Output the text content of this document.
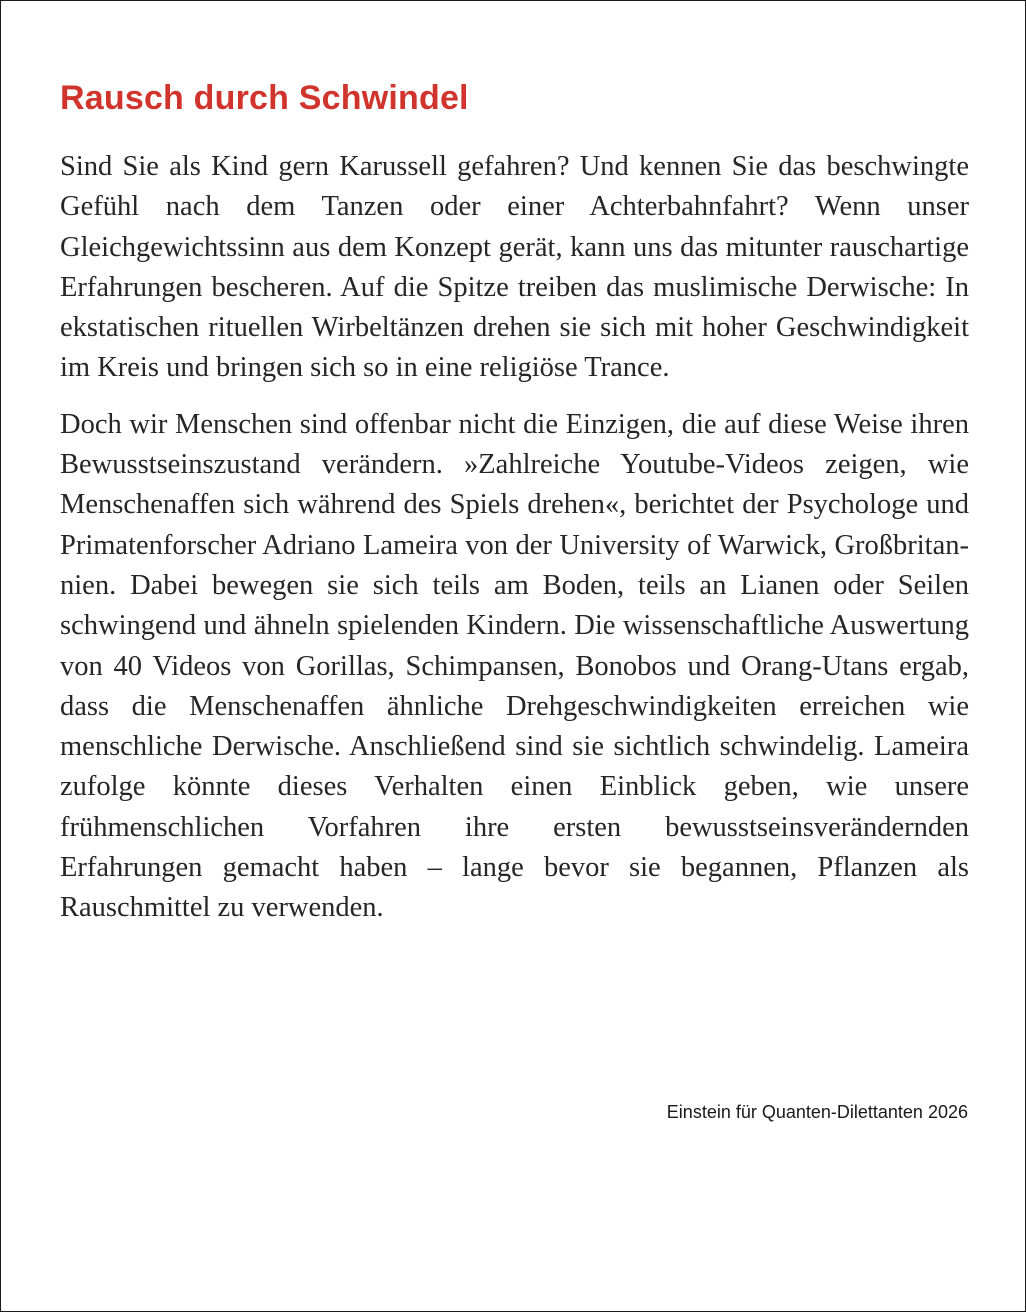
Rausch durch Schwindel

Sind Sie als Kind gern Karussell gefahren? Und kennen Sie das beschwingte Gefühl nach dem Tanzen oder einer Achterbahnfahrt? Wenn unser Gleichgewichtssinn aus dem Konzept gerät, kann uns das mitunter rauschartige Erfahrungen bescheren. Auf die Spitze treiben das muslimische Derwische: In ekstatischen rituellen Wirbeltänzen drehen sie sich mit hoher Geschwindigkeit im Kreis und bringen sich so in eine religiöse Trance.

Doch wir Menschen sind offenbar nicht die Einzigen, die auf diese Weise ihren Bewusstseinszustand verändern. »Zahlreiche Youtube-Videos zeigen, wie Menschenaffen sich während des Spiels drehen«, berichtet der Psychologe und Primatenforscher Adriano Lameira von der University of Warwick, Großbritannien. Dabei bewegen sie sich teils am Boden, teils an Lianen oder Seilen schwingend und ähneln spielenden Kindern. Die wissenschaftliche Auswertung von 40 Videos von Gorillas, Schimpansen, Bonobos und Orang-Utans ergab, dass die Menschenaffen ähnliche Drehgeschwindigkeiten erreichen wie menschliche Derwische. Anschließend sind sie sichtlich schwindelig. Lameira zufolge könnte dieses Verhalten einen Einblick geben, wie unsere frühmenschlichen Vorfahren ihre ersten bewusstseinsverändernden Erfahrungen gemacht haben – lange bevor sie begannen, Pflanzen als Rauschmittel zu verwenden.

Einstein für Quanten-Dilettanten 2026
